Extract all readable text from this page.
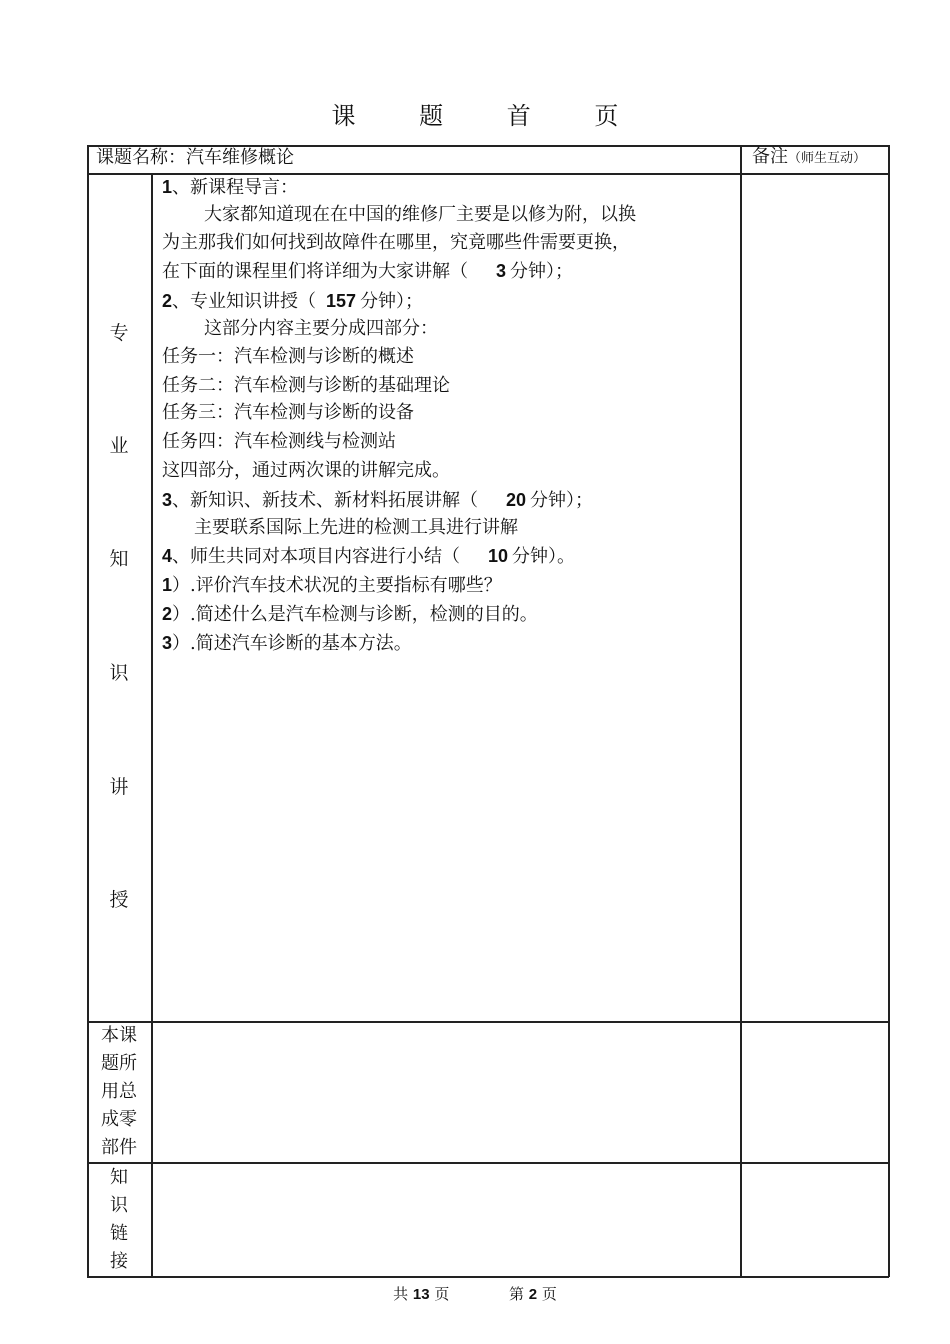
课 题 首 页
课题名称：汽车维修概论	备注（师生互动）
专
业
知
识
讲
授
1、新课程导言：
大家都知道现在在中国的维修厂主要是以修为附，以换
为主那我们如何找到故障件在哪里，究竟哪些件需要更换，
在下面的课程里们将详细为大家讲解（ 3 分钟）；
2、专业知识讲授（ 157 分钟）；
这部分内容主要分成四部分：
任务一：汽车检测与诊断的概述
任务二：汽车检测与诊断的基础理论
任务三：汽车检测与诊断的设备
任务四：汽车检测线与检测站
这四部分，通过两次课的讲解完成。
3、新知识、新技术、新材料拓展讲解（ 20 分钟）；
主要联系国际上先进的检测工具进行讲解
4、师生共同对本项目内容进行小结（ 10 分钟）。
1）.评价汽车技术状况的主要指标有哪些？
2）.简述什么是汽车检测与诊断，检测的目的。
3）.简述汽车诊断的基本方法。
本课
题所
用总
成零
部件
知
识
链
接
共 13 页	第 2 页
